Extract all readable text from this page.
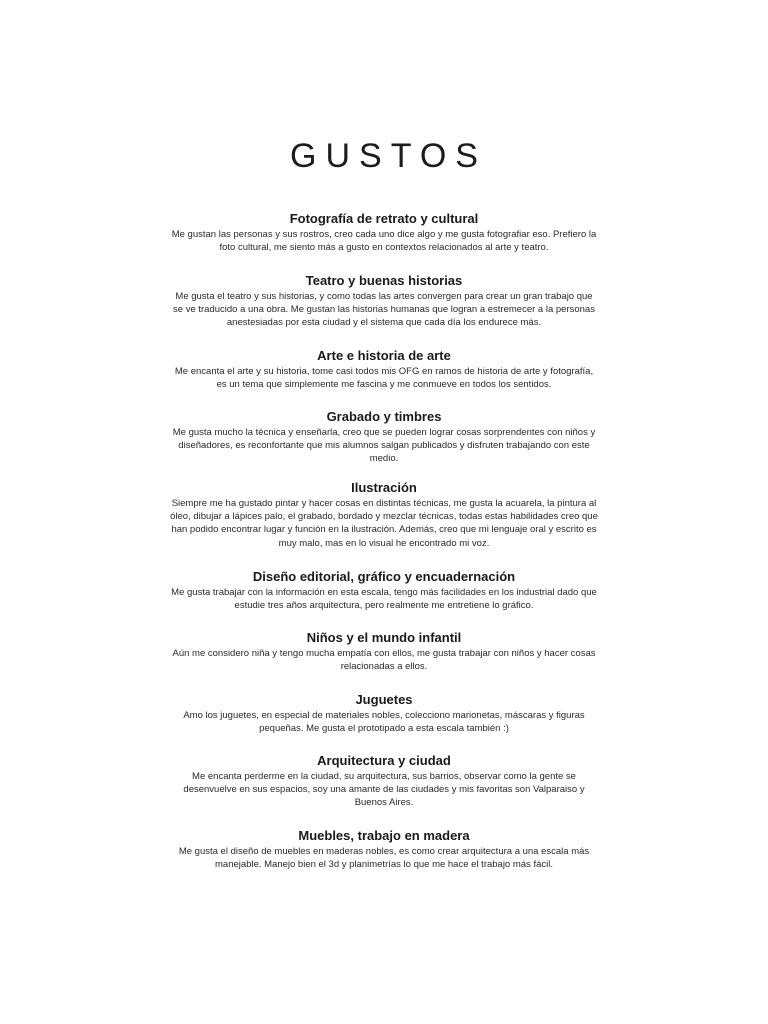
GUSTOS
Fotografía de retrato y cultural

Me gustan las personas y sus rostros, creo cada uno dice algo y me gusta fotografiar eso. Prefiero la foto cultural, me siento más a gusto en contextos relacionados al arte y teatro.

Teatro y buenas historias

Me gusta el teatro y sus historias, y como todas las artes convergen para crear un gran trabajo que se ve traducido a una obra. Me gustan las historias humanas que logran a estremecer a la personas anestesiadas por esta ciudad y el sistema que cada día los endurece más.

Arte e historia de arte

Me encanta el arte y su historia, tome casi todos mis OFG en ramos de historia de arte y fotografía, es un tema que simplemente me fascina y me conmueve en todos los sentidos.

Grabado y timbres

Me gusta mucho la técnica y enseñarla, creo que se pueden lograr cosas sorprendentes con niños y diseñadores, es reconfortante que mis alumnos salgan publicados y disfruten trabajando con este medio.

Ilustración

Siempre me ha gustado pintar y hacer cosas en distintas técnicas, me gusta la acuarela, la pintura al óleo, dibujar a lápices palo, el grabado, bordado y mezclar técnicas, todas estas habilidades creo que han podido encontrar lugar y función en la ilustración. Además, creo que mi lenguaje oral y escrito es muy malo, mas en lo visual he encontrado mi voz.

Diseño editorial, gráfico y encuadernación

Me gusta trabajar con la información en esta escala, tengo más facilidades en los industrial dado que estudie tres años arquitectura, pero realmente me entretiene lo gráfico.

Niños y el mundo infantil

Aún me considero niña y tengo mucha empatía con ellos, me gusta trabajar con niños y hacer cosas relacionadas a ellos.

Juguetes

Amo los juguetes, en especial de materiales nobles, colecciono marionetas, máscaras y figuras pequeñas. Me gusta el prototipado a esta escala también :)

Arquitectura y ciudad

Me encanta perderme en la ciudad, su arquitectura, sus barrios, observar como la gente se desenvuelve en sus espacios, soy una amante de las ciudades y mis favoritas son Valparaiso y Buenos Aires.

Muebles, trabajo en madera

Me gusta el diseño de muebles en maderas nobles, es como crear arquitectura a una escala más manejable. Manejo bien el 3d y planimetrías lo que me hace el trabajo más fácil.
